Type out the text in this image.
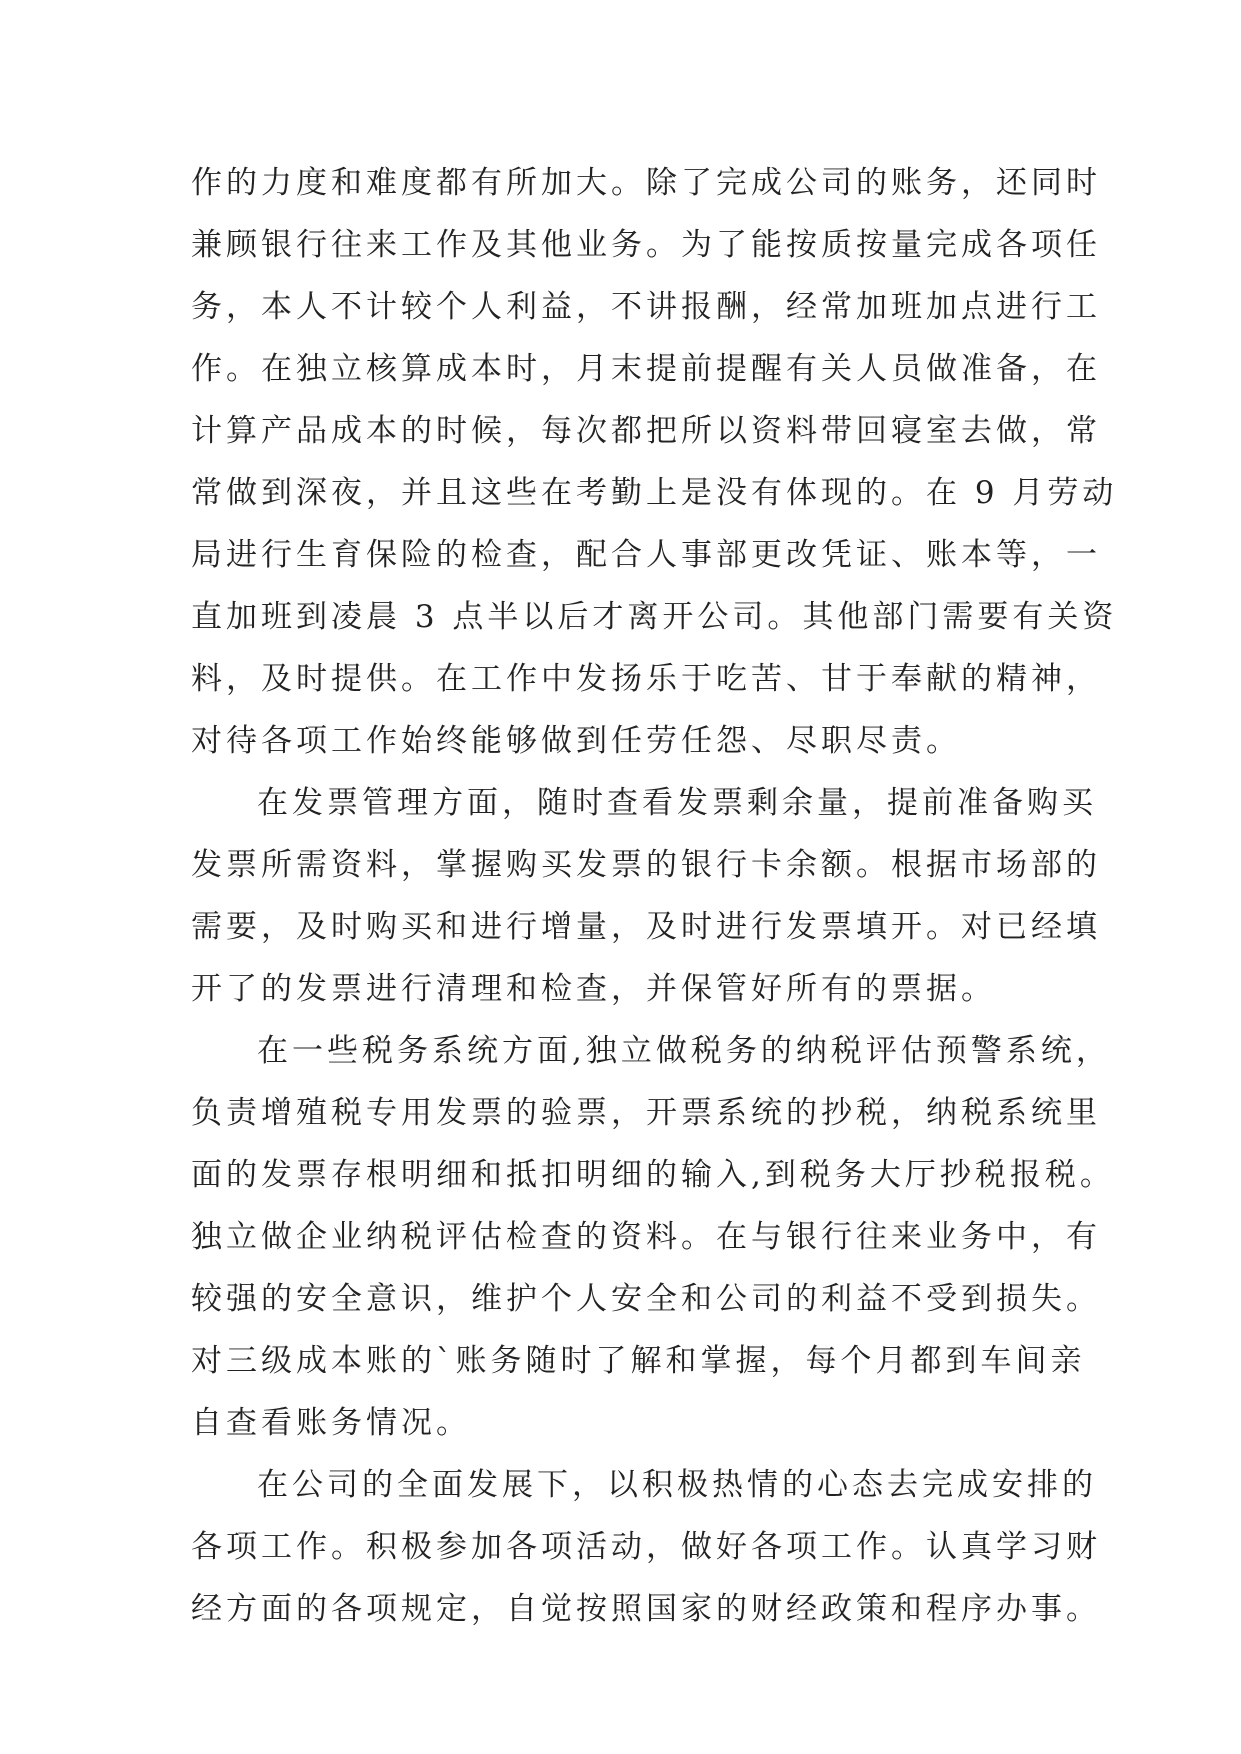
作的力度和难度都有所加大。除了完成公司的账务，还同时
兼顾银行往来工作及其他业务。为了能按质按量完成各项任
务，本人不计较个人利益，不讲报酬，经常加班加点进行工
作。在独立核算成本时，月末提前提醒有关人员做准备，在
计算产品成本的时候，每次都把所以资料带回寝室去做，常
常做到深夜，并且这些在考勤上是没有体现的。在 9 月劳动
局进行生育保险的检查，配合人事部更改凭证、账本等，一
直加班到凌晨 3 点半以后才离开公司。其他部门需要有关资
料，及时提供。在工作中发扬乐于吃苦、甘于奉献的精神，
对待各项工作始终能够做到任劳任怨、尽职尽责。
在发票管理方面，随时查看发票剩余量，提前准备购买
发票所需资料，掌握购买发票的银行卡余额。根据市场部的
需要，及时购买和进行增量，及时进行发票填开。对已经填
开了的发票进行清理和检查，并保管好所有的票据。
在一些税务系统方面,独立做税务的纳税评估预警系统，
负责增殖税专用发票的验票，开票系统的抄税，纳税系统里
面的发票存根明细和抵扣明细的输入,到税务大厅抄税报税。
独立做企业纳税评估检查的资料。在与银行往来业务中，有
较强的安全意识，维护个人安全和公司的利益不受到损失。
对三级成本账的`账务随时了解和掌握，每个月都到车间亲
自查看账务情况。
在公司的全面发展下，以积极热情的心态去完成安排的
各项工作。积极参加各项活动，做好各项工作。认真学习财
经方面的各项规定，自觉按照国家的财经政策和程序办事。
